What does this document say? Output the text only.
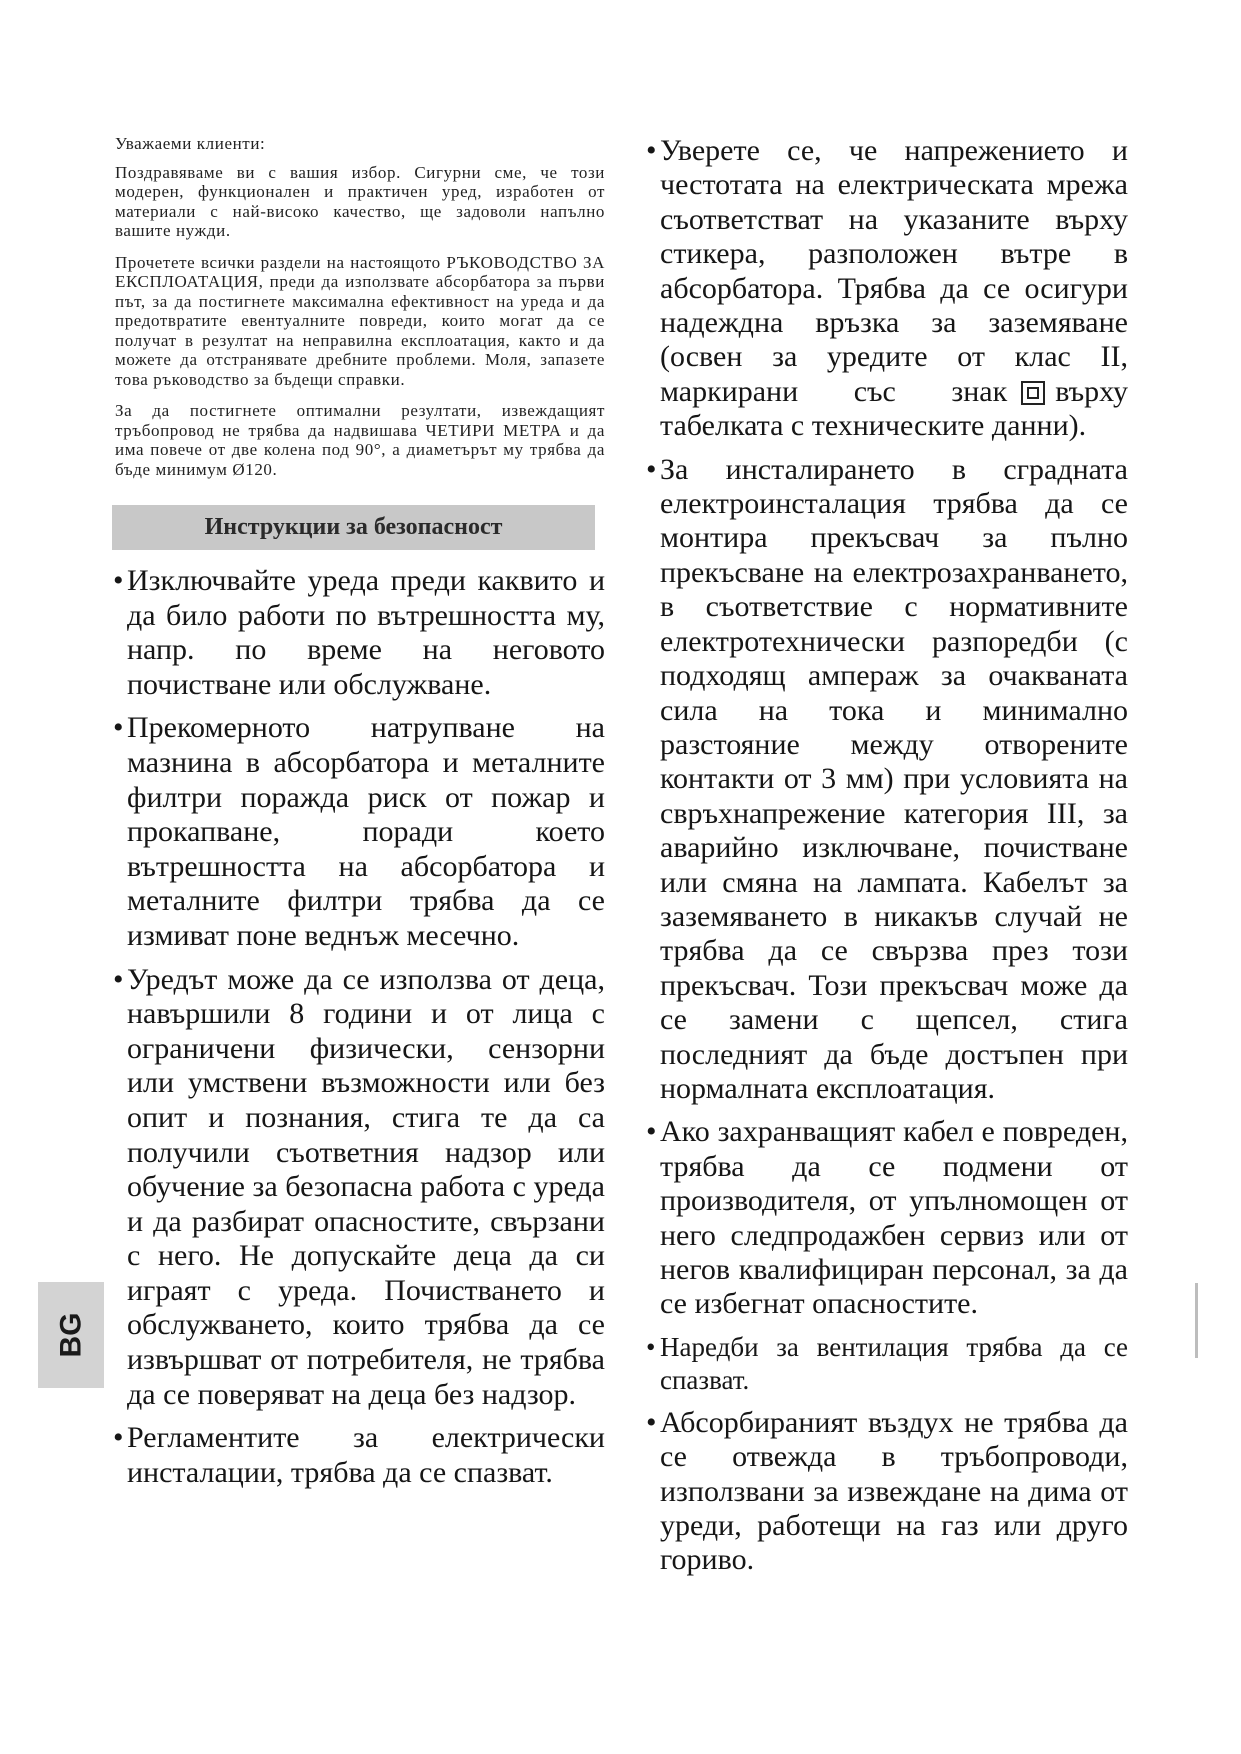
Уважаеми клиенти:

Поздравяваме ви с вашия избор. Сигурни сме, че този модерен, функционален и практичен уред, изработен от материали с най-високо качество, ще задоволи напълно вашите нужди.

Прочетете всички раздели на настоящото РЪКОВОДСТВО ЗА ЕКСПЛОАТАЦИЯ, преди да използвате абсорбатора за първи път, за да постигнете максимална ефективност на уреда и да предотвратите евентуалните повреди, които могат да се получат в резултат на неправилна експлоатация, както и да можете да отстранявате дребните проблеми. Моля, запазете това ръководство за бъдещи справки.

За да постигнете оптимални резултати, извеждащият тръбопровод не трябва да надвишава ЧЕТИРИ МЕТРА и да има повече от две колена под 90°, а диаметърът му трябва да бъде минимум Ø120.

Инструкции за безопасност
• Изключвайте уреда преди каквито и да било работи по вътрешността му, напр. по време на неговото почистване или обслужване.
• Прекомерното натрупване на мазнина в абсорбатора и металните филтри поражда риск от пожар и прокапване, поради което вътрешността на абсорбатора и металните филтри трябва да се измиват поне веднъж месечно.
• Уредът може да се използва от деца, навършили 8 години и от лица с ограничени физически, сензорни или умствени възможности или без опит и познания, стига те да са получили съответния надзор или обучение за безопасна работа с уреда и да разбират опасностите, свързани с него. Не допускайте деца да си играят с уреда. Почистването и обслужването, които трябва да се извършват от потребителя, не трябва да се поверяват на деца без надзор.
• Регламентите за електрически инсталации, трябва да се спазват.
• Уверете се, че напрежението и честотата на електрическата мрежа съответстват на указаните върху стикера, разположен вътре в абсорбатора. Трябва да се осигури надеждна връзка за заземяване (освен за уредите от клас II, маркирани със знак върху табелката с техническите данни).
• За инсталирането в сградната електроинсталация трябва да се монтира прекъсвач за пълно прекъсване на електрозахранването, в съответствие с нормативните електротехнически разпоредби (с подходящ ампераж за очакваната сила на тока и минимално разстояние между отворените контакти от 3 мм) при условията на свръхнапрежение категория III, за аварийно изключване, почистване или смяна на лампата. Кабелът за заземяването в никакъв случай не трябва да се свързва през този прекъсвач. Този прекъсвач може да се замени с щепсел, стига последният да бъде достъпен при нормалната експлоатация.
• Ако захранващият кабел е повреден, трябва да се подмени от производителя, от упълномощен от него следпродажбен сервиз или от негов квалифициран персонал, за да се избегнат опасностите.
• Наредби за вентилация трябва да се спазват.
• Абсорбираният въздух не трябва да се отвежда в тръбопроводи, използвани за извеждане на дима от уреди, работещи на газ или друго гориво.
BG
